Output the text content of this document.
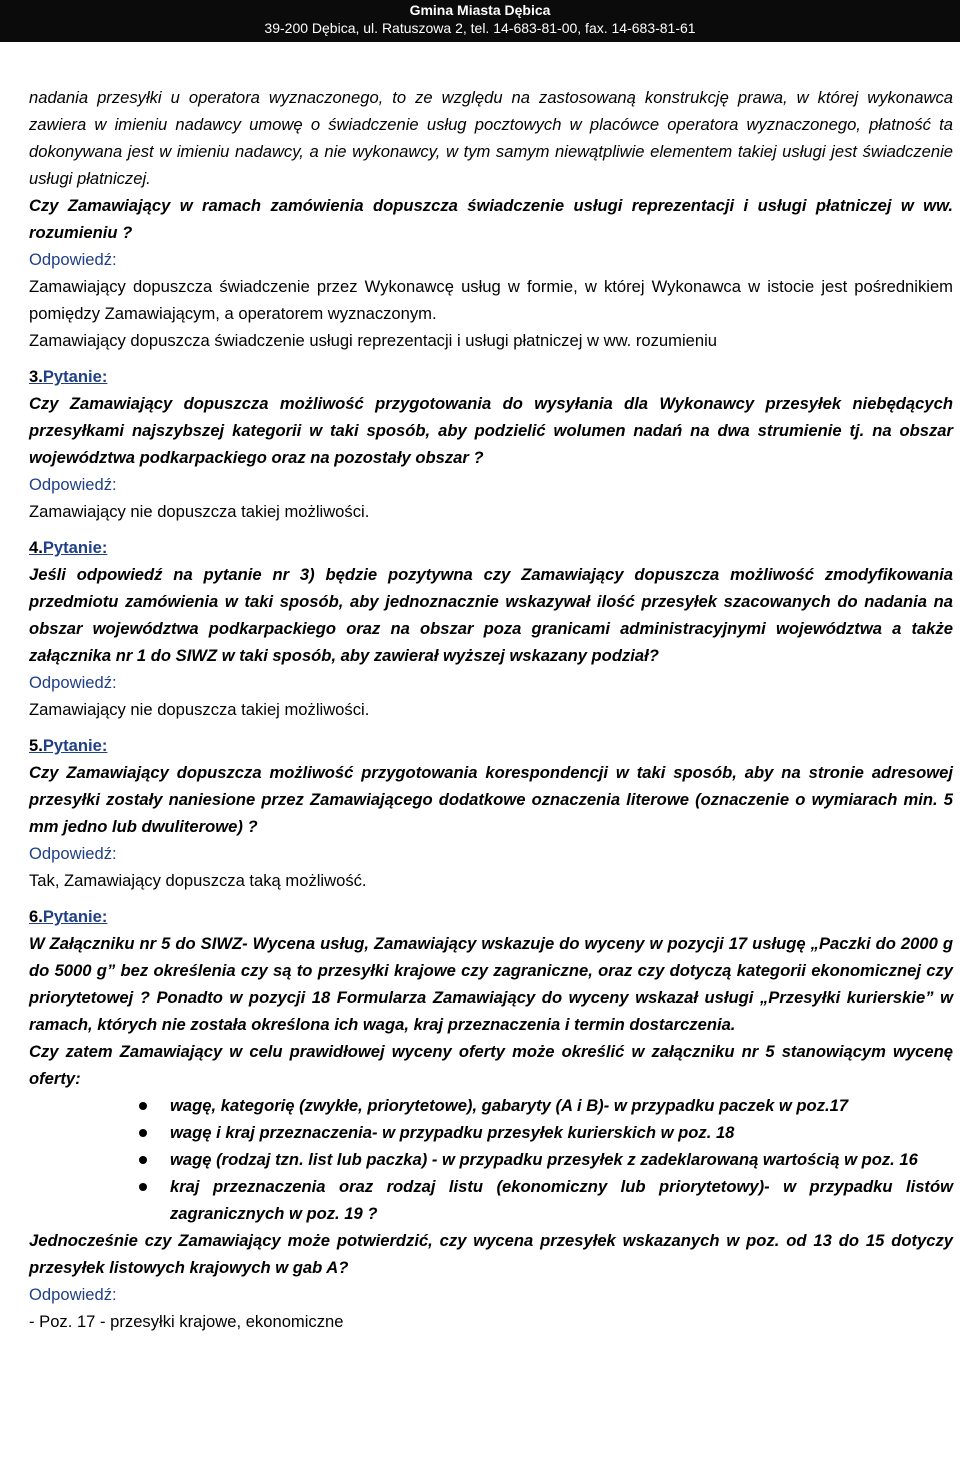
Gmina Miasta Dębica
39-200 Dębica, ul. Ratuszowa 2, tel. 14-683-81-00, fax. 14-683-81-61

nadania przesyłki u operatora wyznaczonego, to ze względu na zastosowaną konstrukcję prawa, w której wykonawca zawiera w imieniu nadawcy umowę o świadczenie usług pocztowych w placówce operatora wyznaczonego, płatność ta dokonywana jest w imieniu nadawcy, a nie wykonawcy, w tym samym niewątpliwie elementem takiej usługi jest świadczenie usługi płatniczej.

Czy Zamawiający w ramach zamówienia dopuszcza świadczenie usługi reprezentacji i usługi płatniczej w ww. rozumieniu ?

Odpowiedź:

Zamawiający dopuszcza świadczenie przez Wykonawcę usług w formie, w której Wykonawca w istocie jest pośrednikiem pomiędzy Zamawiającym, a operatorem wyznaczonym.

Zamawiający dopuszcza świadczenie usługi reprezentacji i usługi płatniczej w ww. rozumieniu

3.Pytanie:

Czy Zamawiający dopuszcza możliwość przygotowania do wysyłania dla Wykonawcy przesyłek niebędących przesyłkami najszybszej kategorii w taki sposób, aby podzielić wolumen nadań na dwa strumienie tj. na obszar województwa podkarpackiego oraz na pozostały obszar ?

Odpowiedź:

Zamawiający nie dopuszcza takiej możliwości.

4.Pytanie:

Jeśli odpowiedź na pytanie nr 3) będzie pozytywna czy Zamawiający dopuszcza możliwość zmodyfikowania przedmiotu zamówienia w taki sposób, aby jednoznacznie wskazywał ilość przesyłek szacowanych do nadania na obszar województwa podkarpackiego oraz na obszar poza granicami administracyjnymi województwa a także załącznika nr 1 do SIWZ w taki sposób, aby zawierał wyższej wskazany podział?

Odpowiedź:

Zamawiający nie dopuszcza takiej możliwości.

5.Pytanie:

Czy Zamawiający dopuszcza możliwość przygotowania korespondencji w taki sposób, aby na stronie adresowej przesyłki zostały naniesione przez Zamawiającego dodatkowe oznaczenia literowe (oznaczenie o wymiarach min. 5 mm jedno lub dwuliterowe) ?

Odpowiedź:

Tak, Zamawiający dopuszcza taką możliwość.

6.Pytanie:

W Załączniku nr 5 do SIWZ- Wycena usług, Zamawiający wskazuje do wyceny w pozycji 17 usługę „Paczki do 2000 g do 5000 g” bez określenia czy są to przesyłki krajowe czy zagraniczne, oraz czy dotyczą kategorii ekonomicznej czy priorytetowej ? Ponadto w pozycji 18 Formularza Zamawiający do wyceny wskazał usługi „Przesyłki kurierskie” w ramach, których nie została określona ich waga, kraj przeznaczenia i termin dostarczenia.

Czy zatem Zamawiający w celu prawidłowej wyceny oferty może określić w załączniku nr 5 stanowiącym wycenę oferty:

wagę, kategorię (zwykłe, priorytetowe), gabaryty (A i B)- w przypadku paczek w poz.17
wagę i kraj przeznaczenia- w przypadku przesyłek kurierskich w poz. 18
wagę (rodzaj tzn. list lub paczka) - w przypadku przesyłek z zadeklarowaną wartością w poz. 16
kraj przeznaczenia oraz rodzaj listu (ekonomiczny lub priorytetowy)- w przypadku listów zagranicznych w poz. 19 ?

Jednocześnie czy Zamawiający może potwierdzić, czy wycena przesyłek wskazanych w poz. od 13 do 15 dotyczy przesyłek listowych krajowych w gab A?

Odpowiedź:

- Poz. 17 - przesyłki krajowe, ekonomiczne
